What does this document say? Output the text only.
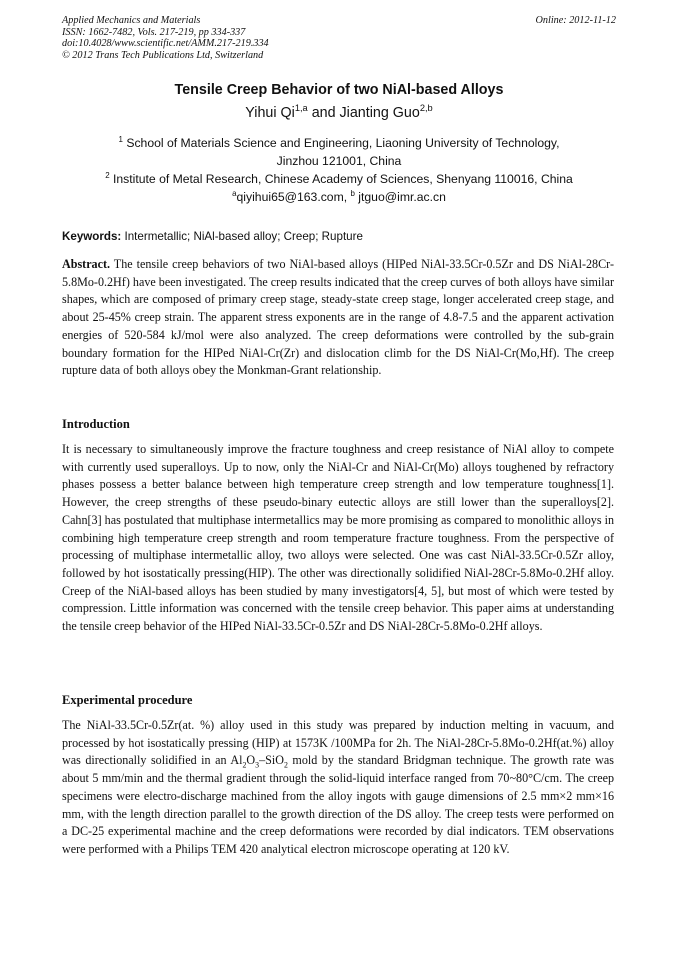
Applied Mechanics and Materials
ISSN: 1662-7482, Vols. 217-219, pp 334-337
doi:10.4028/www.scientific.net/AMM.217-219.334
© 2012 Trans Tech Publications Ltd, Switzerland
Online: 2012-11-12
Tensile Creep Behavior of two NiAl-based Alloys
Yihui Qi$^{1,a}$ and Jianting Guo$^{2,b}$
$^1$ School of Materials Science and Engineering, Liaoning University of Technology,
Jinzhou 121001, China
$^2$ Institute of Metal Research, Chinese Academy of Sciences, Shenyang 110016, China
$^a$qiyihui65@163.com, $^b$ jtguo@imr.ac.cn
Keywords: Intermetallic; NiAl-based alloy; Creep; Rupture
Abstract. The tensile creep behaviors of two NiAl-based alloys (HIPed NiAl-33.5Cr-0.5Zr and DS NiAl-28Cr-5.8Mo-0.2Hf) have been investigated. The creep results indicated that the creep curves of both alloys have similar shapes, which are composed of primary creep stage, steady-state creep stage, longer accelerated creep stage, and about 25-45% creep strain. The apparent stress exponents are in the range of 4.8-7.5 and the apparent activation energies of 520-584 kJ/mol were also analyzed. The creep deformations were controlled by the sub-grain boundary formation for the HIPed NiAl-Cr(Zr) and dislocation climb for the DS NiAl-Cr(Mo,Hf). The creep rupture data of both alloys obey the Monkman-Grant relationship.
Introduction
It is necessary to simultaneously improve the fracture toughness and creep resistance of NiAl alloy to compete with currently used superalloys. Up to now, only the NiAl-Cr and NiAl-Cr(Mo) alloys toughened by refractory phases possess a better balance between high temperature creep strength and low temperature toughness[1]. However, the creep strengths of these pseudo-binary eutectic alloys are still lower than the superalloys[2]. Cahn[3] has postulated that multiphase intermetallics may be more promising as compared to monolithic alloys in combining high temperature creep strength and room temperature fracture toughness. From the perspective of processing of multiphase intermetallic alloy, two alloys were selected. One was cast NiAl-33.5Cr-0.5Zr alloy, followed by hot isostatically pressing(HIP). The other was directionally solidified NiAl-28Cr-5.8Mo-0.2Hf alloy. Creep of the NiAl-based alloys has been studied by many investigators[4, 5], but most of which were tested by compression. Little information was concerned with the tensile creep behavior. This paper aims at understanding the tensile creep behavior of the HIPed NiAl-33.5Cr-0.5Zr and DS NiAl-28Cr-5.8Mo-0.2Hf alloys.
Experimental procedure
The NiAl-33.5Cr-0.5Zr(at. %) alloy used in this study was prepared by induction melting in vacuum, and processed by hot isostatically pressing (HIP) at 1573K /100MPa for 2h. The NiAl-28Cr-5.8Mo-0.2Hf(at.%) alloy was directionally solidified in an $Al_2O_3-SiO_2$ mold by the standard Bridgman technique. The growth rate was about 5 mm/min and the thermal gradient through the solid-liquid interface ranged from 70~80°C/cm. The creep specimens were electro-discharge machined from the alloy ingots with gauge dimensions of 2.5 mm×2 mm×16 mm, with the length direction parallel to the growth direction of the DS alloy. The creep tests were performed on a DC-25 experimental machine and the creep deformations were recorded by dial indicators. TEM observations were performed with a Philips TEM 420 analytical electron microscope operating at 120 kV.
